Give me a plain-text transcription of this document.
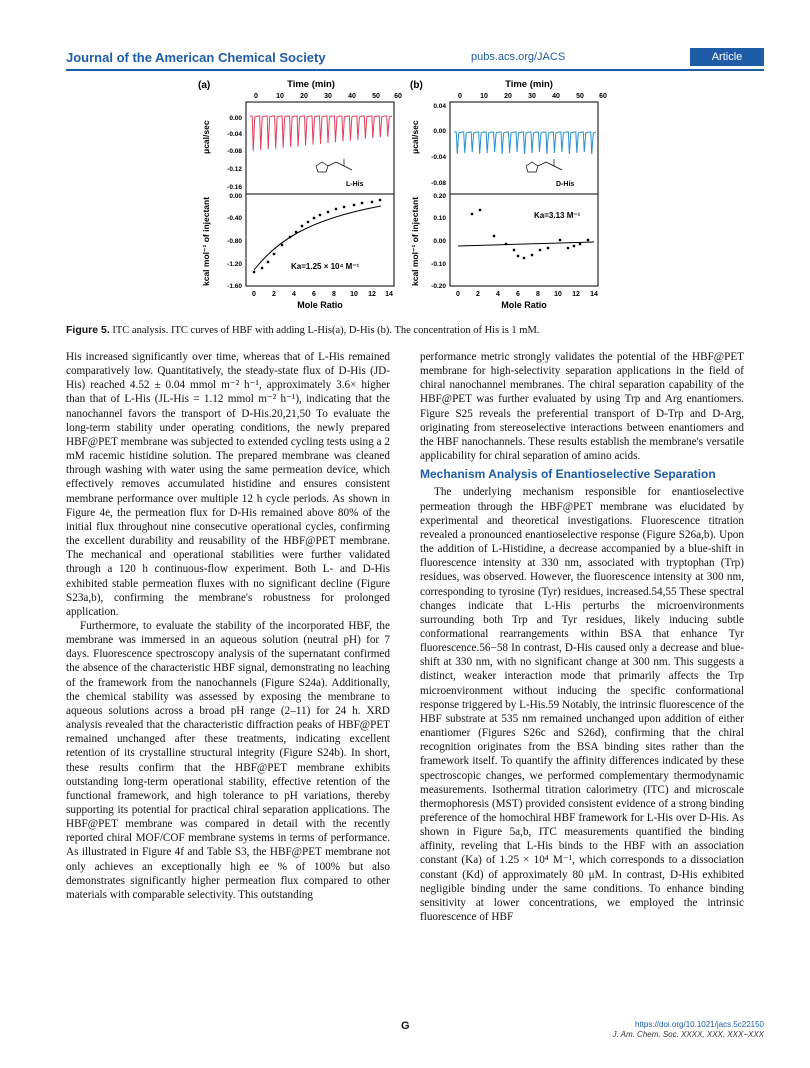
Journal of the American Chemical Society	pubs.acs.org/JACS	Article
(a)	Time (min)
0	10 20 30 40 50 60
0.00
-0.04
-0.08
-0.12
-0.16	L-His
0.00
-0.40
-0.80
-1.20
-1.60
Ka=1.25 × 10⁴ M⁻¹
0 2 4 6 8 10 12 14
Mole Ratio
kcal mol⁻¹ of injectant
μcal/sec
(b)	Time (min)
0	10 20 30 40 50 60
0.04
0.00
-0.04
-0.08	D-His
0.20
0.10
0.00
-0.10
-0.20
Ka=3.13 M⁻¹
0 2 4 6 8 10 12 14
Mole Ratio
kcal mol⁻¹ of injectant
μcal/sec
Figure 5. ITC analysis. ITC curves of HBF with adding L-His(a), D-His (b). The concentration of His is 1 mM.

His increased significantly over time, whereas that of L-His remained comparatively low. Quantitatively, the steady-state flux of D-His (JD-His) reached 4.52 ± 0.04 mmol m⁻² h⁻¹, approximately 3.6× higher than that of L-His (JL-His = 1.12 mmol m⁻² h⁻¹), indicating that the nanochannel favors the transport of D-His.20,21,50 To evaluate the long-term stability under operating conditions, the newly prepared HBF@PET membrane was subjected to extended cycling tests using a 2 mM racemic histidine solution. The prepared membrane was cleaned through washing with water using the same permeation device, which effectively removes accumulated histidine and ensures consistent membrane performance over multiple 12 h cycle periods. As shown in Figure 4e, the permeation flux for D-His remained above 80% of the initial flux throughout nine consecutive operational cycles, confirming the excellent durability and reusability of the HBF@PET membrane. The mechanical and operational stabilities were further validated through a 120 h continuous-flow experiment. Both L- and D-His exhibited stable permeation fluxes with no significant decline (Figure S23a,b), confirming the membrane's robustness for prolonged application.

Furthermore, to evaluate the stability of the incorporated HBF, the membrane was immersed in an aqueous solution (neutral pH) for 7 days. Fluorescence spectroscopy analysis of the supernatant confirmed the absence of the characteristic HBF signal, demonstrating no leaching of the framework from the nanochannels (Figure S24a). Additionally, the chemical stability was assessed by exposing the membrane to aqueous solutions across a broad pH range (2–11) for 24 h. XRD analysis revealed that the characteristic diffraction peaks of HBF@PET remained unchanged after these treatments, indicating excellent retention of its crystalline structural integrity (Figure S24b). In short, these results confirm that the HBF@PET membrane exhibits outstanding long-term operational stability, effective retention of the functional framework, and high tolerance to pH variations, thereby supporting its potential for practical chiral separation applications. The HBF@PET membrane was compared in detail with the recently reported chiral MOF/COF membrane systems in terms of performance. As illustrated in Figure 4f and Table S3, the HBF@PET membrane not only achieves an exceptionally high ee % of 100% but also demonstrates significantly higher permeation flux compared to other materials with comparable selectivity. This outstanding

performance metric strongly validates the potential of the HBF@PET membrane for high-selectivity separation applications in the field of chiral nanochannel membranes. The chiral separation capability of the HBF@PET was further evaluated by using Trp and Arg enantiomers. Figure S25 reveals the preferential transport of D-Trp and D-Arg, originating from stereoselective interactions between enantiomers and the HBF nanochannels. These results establish the membrane's versatile applicability for chiral separation of amino acids.

Mechanism Analysis of Enantioselective Separation

The underlying mechanism responsible for enantioselective permeation through the HBF@PET membrane was elucidated by experimental and theoretical investigations. Fluorescence titration revealed a pronounced enantioselective response (Figure S26a,b). Upon the addition of L-Histidine, a decrease accompanied by a blue-shift in fluorescence intensity at 330 nm, associated with tryptophan (Trp) residues, was observed. However, the fluorescence intensity at 300 nm, corresponding to tyrosine (Tyr) residues, increased.54,55 These spectral changes indicate that L-His perturbs the microenvironments surrounding both Trp and Tyr residues, likely inducing subtle conformational rearrangements within BSA that enhance Tyr fluorescence.56−58 In contrast, D-His caused only a decrease and blue-shift at 330 nm, with no significant change at 300 nm. This suggests a distinct, weaker interaction mode that primarily affects the Trp microenvironment without inducing the specific conformational response triggered by L-His.59 Notably, the intrinsic fluorescence of the HBF substrate at 535 nm remained unchanged upon addition of either enantiomer (Figures S26c and S26d), confirming that the chiral recognition originates from the BSA binding sites rather than the framework itself. To quantify the affinity differences indicated by these spectroscopic changes, we performed complementary thermodynamic measurements. Isothermal titration calorimetry (ITC) and microscale thermophoresis (MST) provided consistent evidence of a strong binding preference of the homochiral HBF framework for L-His over D-His. As shown in Figure 5a,b, ITC measurements quantified the binding affinity, reveling that L-His binds to the HBF with an association constant (Ka) of 1.25 × 10⁴ M⁻¹, which corresponds to a dissociation constant (Kd) of approximately 80 μM. In contrast, D-His exhibited negligible binding under the same conditions. To enhance binding sensitivity at lower concentrations, we employed the intrinsic fluorescence of HBF

G	https://doi.org/10.1021/jacs.5c22150
J. Am. Chem. Soc. XXXX, XXX, XXX−XXX
